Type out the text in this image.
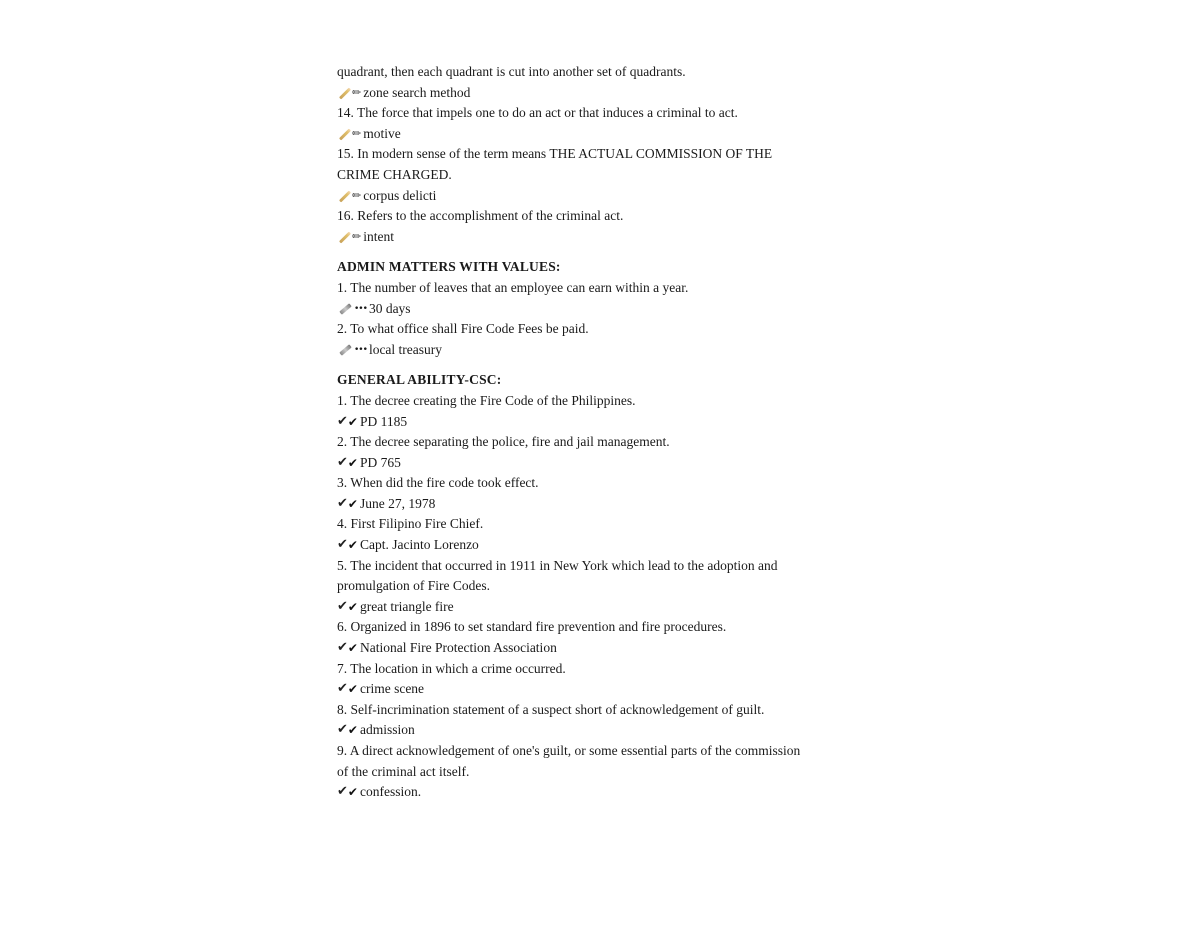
quadrant, then each quadrant is cut into another set of quadrants.

✏ zone search method

14. The force that impels one to do an act or that induces a criminal to act.

✏ motive

15. In modern sense of the term means THE ACTUAL COMMISSION OF THE

CRIME CHARGED.

✏ corpus delicti

16. Refers to the accomplishment of the criminal act.

✏ intent

ADMIN MATTERS WITH VALUES:

1. The number of leaves that an employee can earn within a year.

••• 30 days

2. To what office shall Fire Code Fees be paid.

••• local treasury

GENERAL ABILITY-CSC:

1. The decree creating the Fire Code of the Philippines.

✔ ✔ PD 1185

2. The decree separating the police, fire and jail management.

✔ ✔ PD 765

3. When did the fire code took effect.

✔ ✔ June 27, 1978

4. First Filipino Fire Chief.

✔ ✔ Capt. Jacinto Lorenzo

5. The incident that occurred in 1911 in New York which lead to the adoption and

promulgation of Fire Codes.

✔ ✔ great triangle fire

6. Organized in 1896 to set standard fire prevention and fire procedures.

✔ ✔ National Fire Protection Association

7. The location in which a crime occurred.

✔ ✔ crime scene

8. Self-incrimination statement of a suspect short of acknowledgement of guilt.

✔ ✔ admission

9. A direct acknowledgement of one's guilt, or some essential parts of the commission

of the criminal act itself.

✔ ✔ confession.
